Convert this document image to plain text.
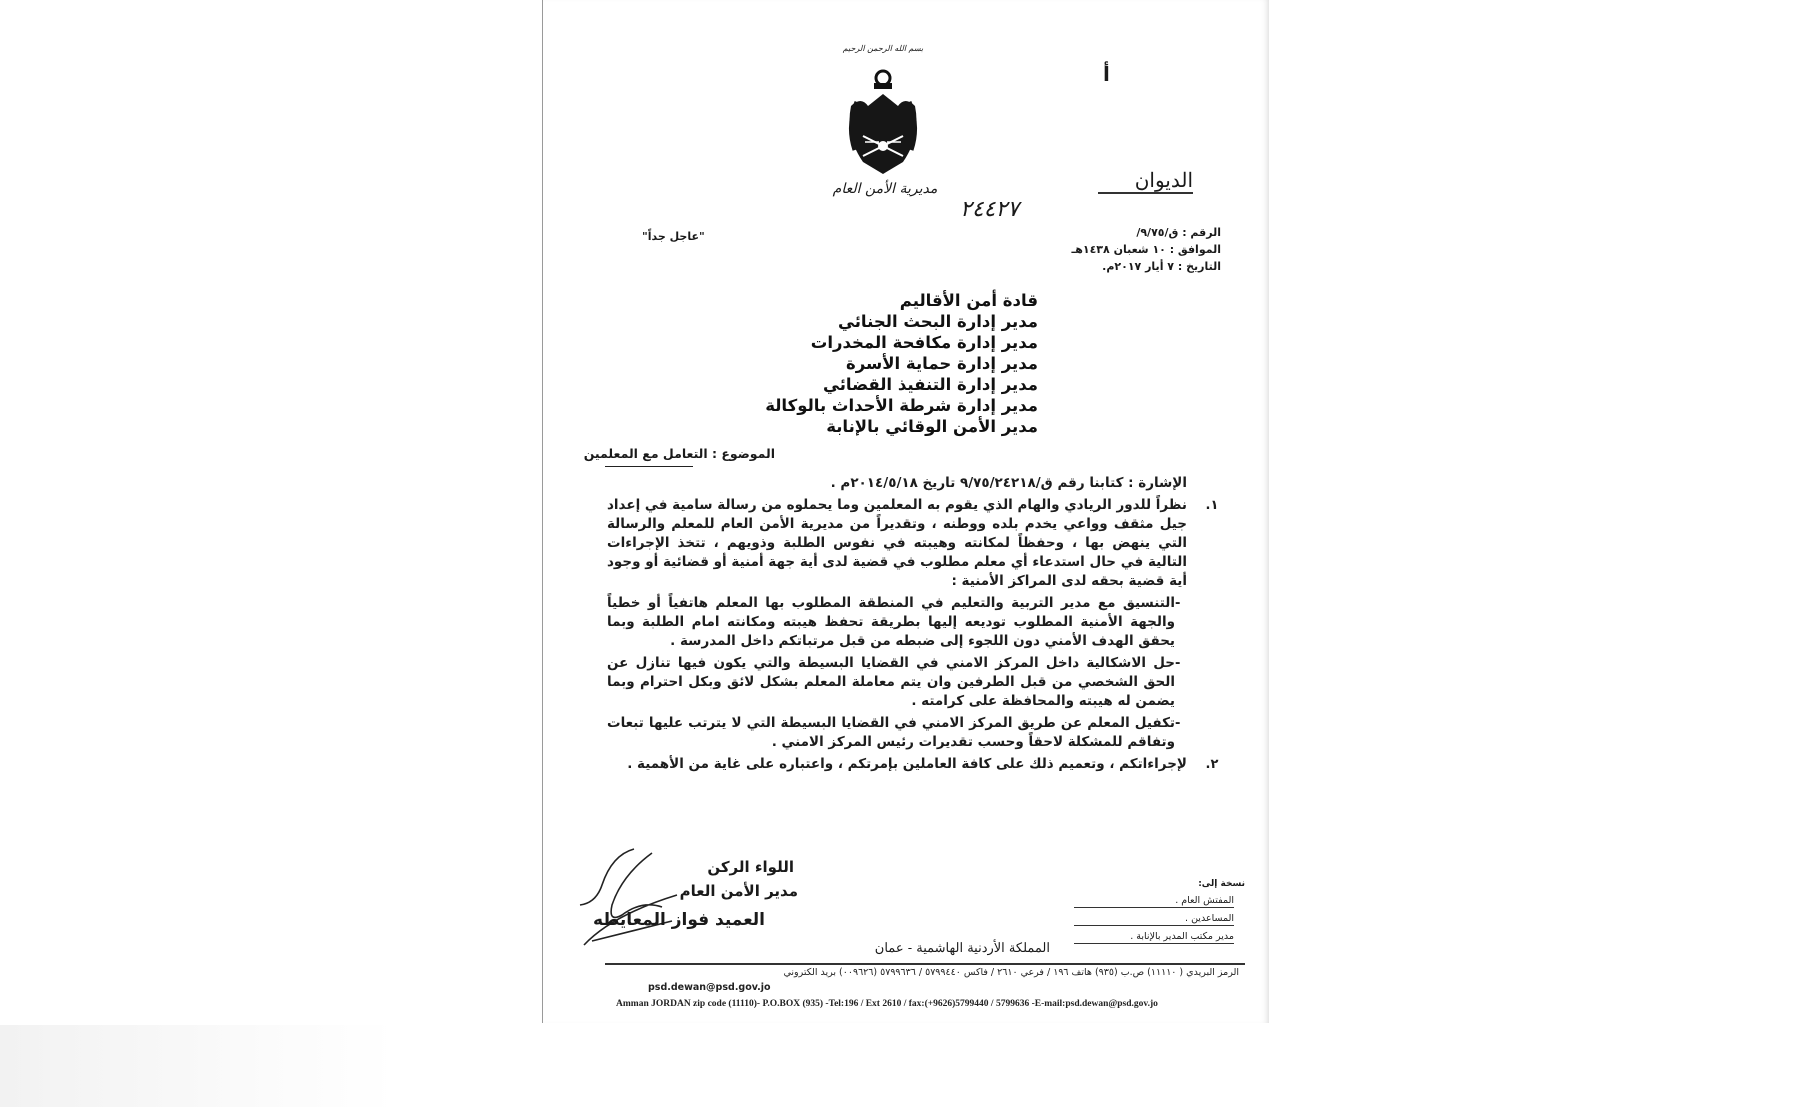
بسم الله الرحمن الرحيم
مديرية الأمن العام
أ
الديوان
٢٤٤٢٧
الرقم : ق/٩/٧٥/
الموافق : ١٠ شعبان ١٤٣٨هـ
التاريخ : ٧ أيار ٢٠١٧م.
"عاجل جداً"
قادة أمن الأقاليم
مدير إدارة البحث الجنائي
مدير إدارة مكافحة المخدرات
مدير إدارة حماية الأسرة
مدير إدارة التنفيذ القضائي
مدير إدارة شرطة الأحداث بالوكالة
مدير الأمن الوقائي بالإنابة
الموضوع : التعامل مع المعلمين

الإشارة : كتابنا رقم ق/٩/٧٥/٢٤٢١٨ تاريخ ٢٠١٤/٥/١٨م .

١.

نظراً للدور الريادي والهام الذي يقوم به المعلمين وما يحملوه من رسالة سامية في إعداد جيل مثقف وواعي يخدم بلده ووطنه ، وتقديراً من مديرية الأمن العام للمعلم والرسالة التي ينهض بها ، وحفظاً لمكانته وهيبته في نفوس الطلبة وذويهم ، تتخذ الإجراءات التالية في حال استدعاء أي معلم مطلوب في قضية لدى أية جهة أمنية أو قضائية أو وجود أية قضية بحقه لدى المراكز الأمنية :

-

التنسيق مع مدير التربية والتعليم في المنطقة المطلوب بها المعلم هاتفياً أو خطياً والجهة الأمنية المطلوب توديعه إليها بطريقة تحفظ هيبته ومكانته امام الطلبة وبما يحقق الهدف الأمني دون اللجوء إلى ضبطه من قبل مرتباتكم داخل المدرسة .

-

حل الاشكالية داخل المركز الامني في القضايا البسيطة والتي يكون فيها تنازل عن الحق الشخصي من قبل الطرفين وان يتم معاملة المعلم بشكل لائق وبكل احترام وبما يضمن له هيبته والمحافظة على كرامته .

-

تكفيل المعلم عن طريق المركز الامني في القضايا البسيطة التي لا يترتب عليها تبعات وتفاقم للمشكلة لاحقاً وحسب تقديرات رئيس المركز الامني .

٢.

لإجراءاتكم ، وتعميم ذلك على كافة العاملين بإمرتكم ، واعتباره على غاية من الأهمية .

اللواء الركن
مدير الأمن العام
العميد فواز المعايطه
نسخة إلى:
المفتش العام .
المساعدين .
مدير مكتب المدير بالإنابة .
المملكة الأردنية الهاشمية - عمان
الرمز البريدي ( ١١١١٠) ص.ب (٩٣٥) هاتف ١٩٦ / فرعي ٢٦١٠ / فاكس ٥٧٩٩٤٤٠ / ٥٧٩٩٦٣٦ (٠٠٩٦٢٦) بريد الكتروني
psd.dewan@psd.gov.jo
Amman JORDAN zip code (11110)- P.O.BOX (935) -Tel:196 / Ext 2610 / fax:(+9626)5799440 / 5799636 -E-mail:psd.dewan@psd.gov.jo
